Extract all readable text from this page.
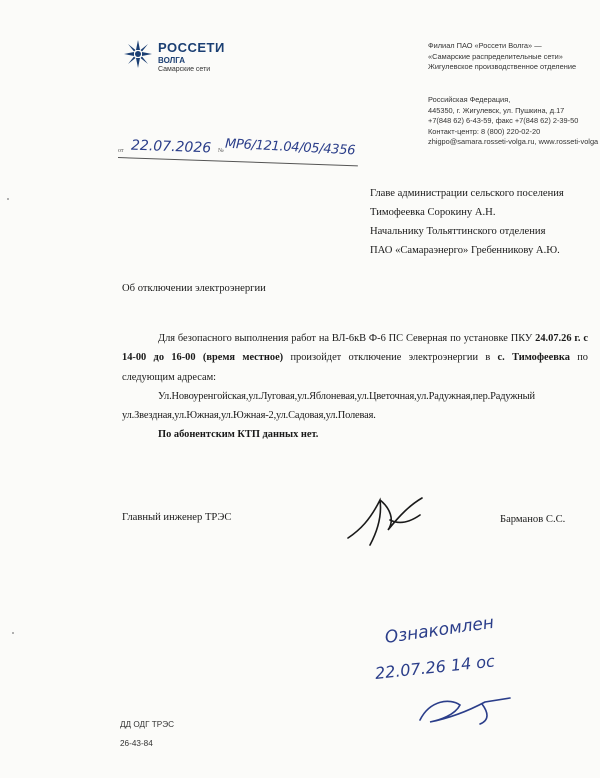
РОССЕТИ
ВОЛГА
Самарские сети
Филиал ПАО «Россети Волга» —
«Самарские распределительные сети»
Жигулевское производственное отделение
Российская Федерация,
445350, г. Жигулевск, ул. Пушкина, д.17
+7(848 62) 6-43-59, факс +7(848 62) 2-39-50
Контакт-центр: 8 (800) 220-02-20
zhigpo@samara.rosseti-volga.ru, www.rosseti-volga
от 22.07.2026 № МР6/121.04/05/4356
Главе администрации сельского поселения
Тимофеевка Сорокину А.Н.
Начальнику Тольяттинского отделения
ПАО «Самараэнерго» Гребенникову А.Ю.
Об отключении электроэнергии
Для безопасного выполнения работ на ВЛ-6кВ Ф-6 ПС Северная по установке ПКУ 24.07.26 г. с 14-00 до 16-00 (время местное) произойдет отключение электроэнергии в с. Тимофеевка по следующим адресам:
Ул.Новоуренгойская,ул.Луговая,ул.Яблоневая,ул.Цветочная,ул.Радужная,пер.Радужный ул.Звездная,ул.Южная,ул.Южная-2,ул.Садовая,ул.Полевая.
По абонентским КТП данных нет.
Главный инженер ТРЭС	Барманов С.С.
Ознакомлен
22.07.26 14 ос
ДД ОДГ ТРЭС
26-43-84
